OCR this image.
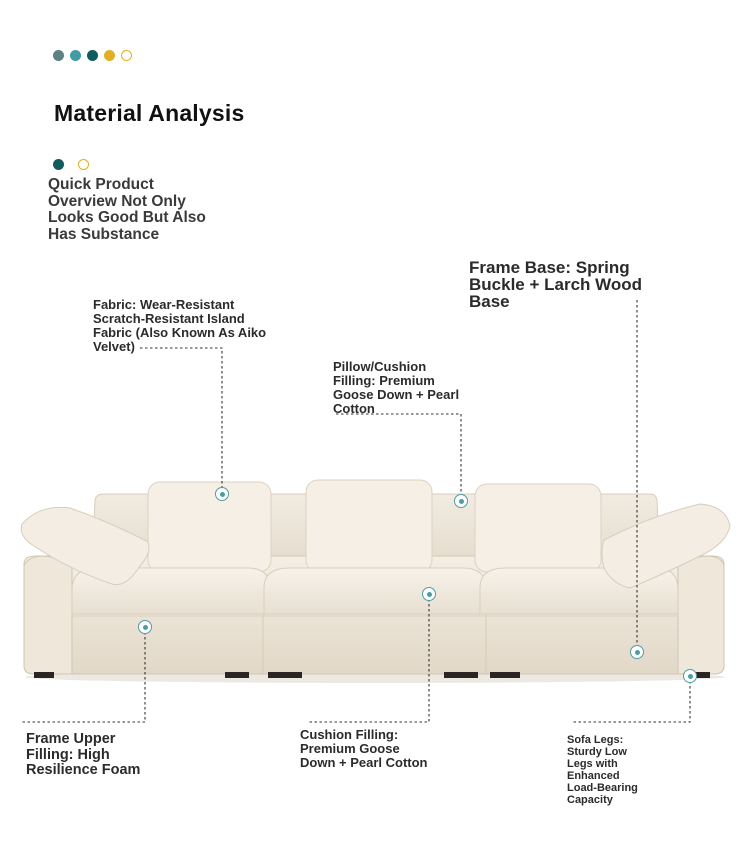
Material Analysis
Quick Product
Overview Not Only
Looks Good But Also
Has Substance
Fabric: Wear-Resistant
Scratch-Resistant Island
Fabric (Also Known As Aiko
Velvet)
Pillow/Cushion
Filling: Premium
Goose Down + Pearl
Cotton
Frame Base: Spring
Buckle + Larch Wood
Base
Frame Upper
Filling: High
Resilience Foam
Cushion Filling:
Premium Goose
Down + Pearl Cotton
Sofa Legs:
Sturdy Low
Legs with
Enhanced
Load-Bearing
Capacity
